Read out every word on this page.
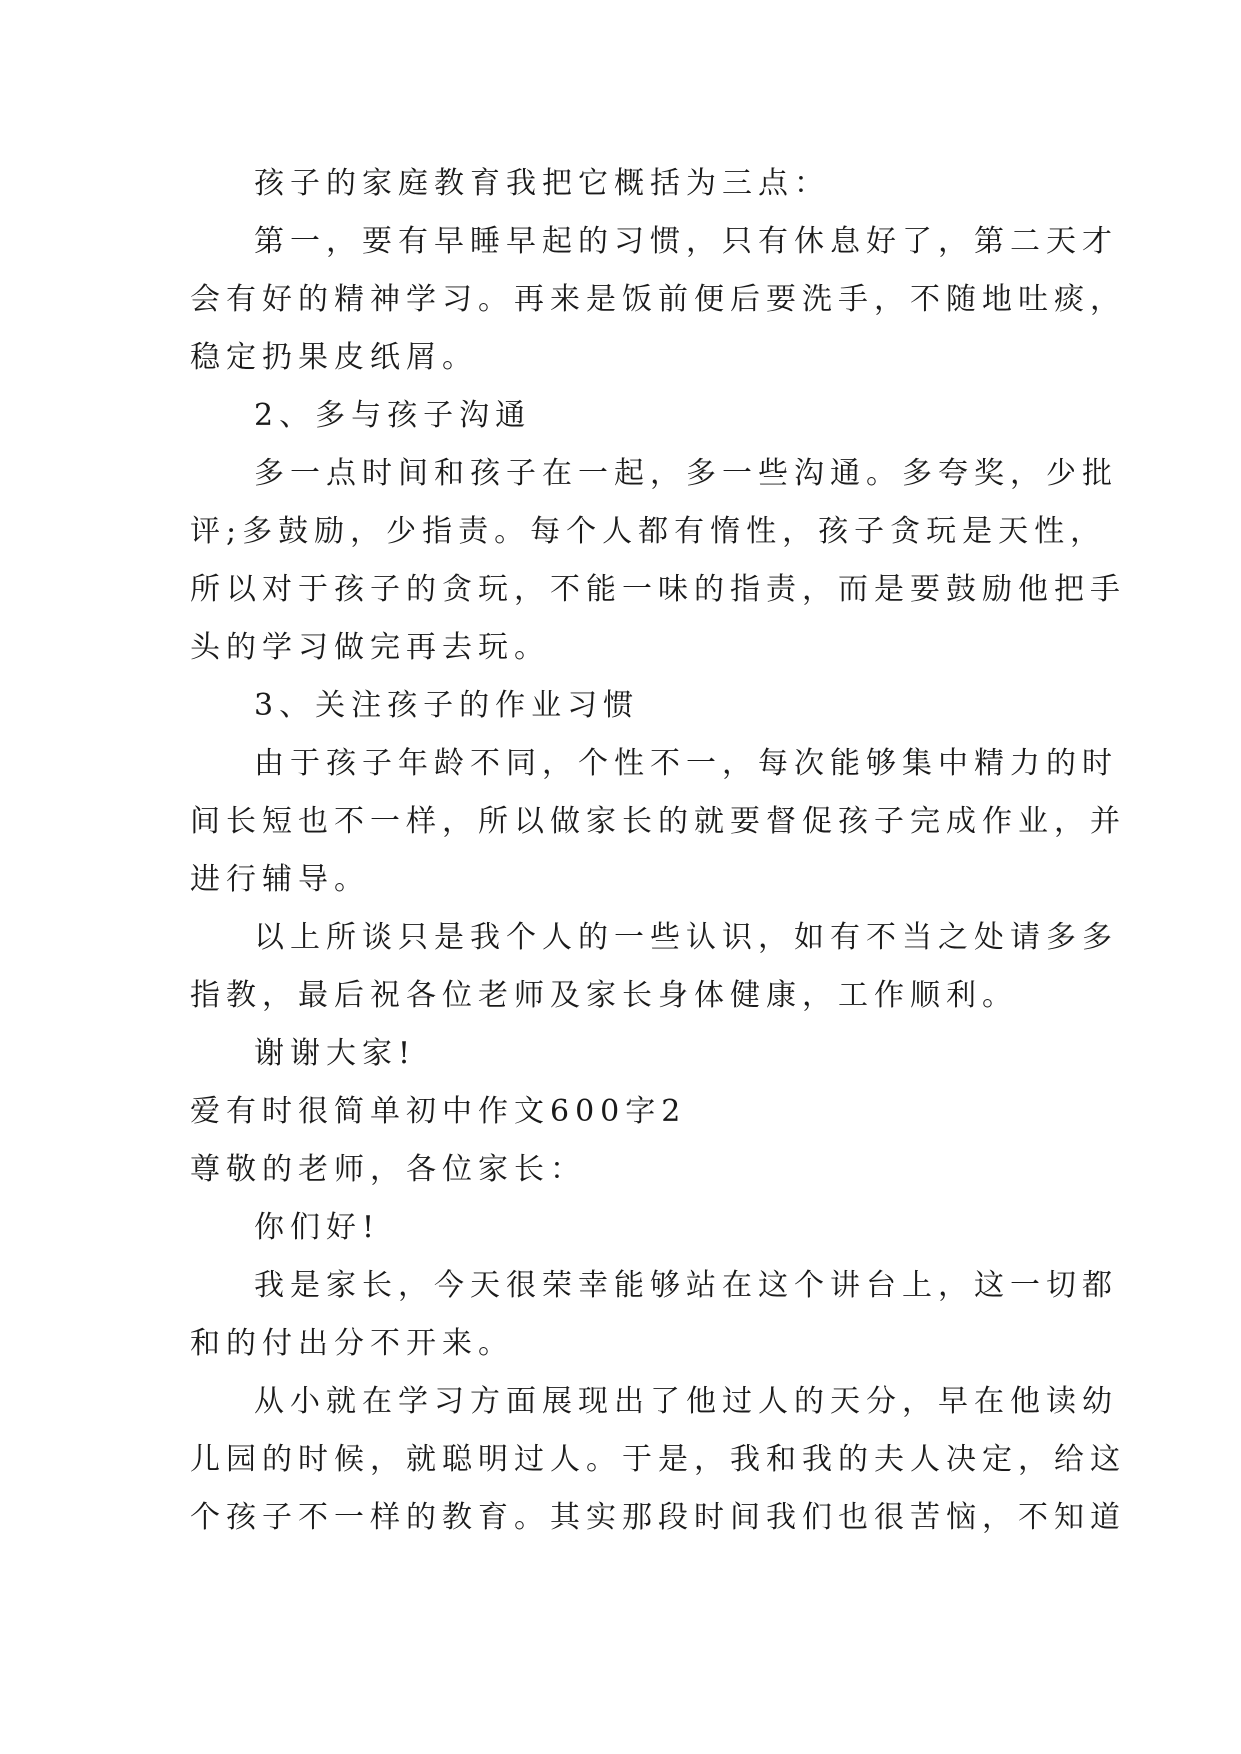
孩子的家庭教育我把它概括为三点：
第一，要有早睡早起的习惯，只有休息好了，第二天才
会有好的精神学习。再来是饭前便后要洗手，不随地吐痰，
稳定扔果皮纸屑。
2、多与孩子沟通
多一点时间和孩子在一起，多一些沟通。多夸奖，少批
评;多鼓励，少指责。每个人都有惰性，孩子贪玩是天性，
所以对于孩子的贪玩，不能一味的指责，而是要鼓励他把手
头的学习做完再去玩。
3、关注孩子的作业习惯
由于孩子年龄不同，个性不一，每次能够集中精力的时
间长短也不一样，所以做家长的就要督促孩子完成作业，并
进行辅导。
以上所谈只是我个人的一些认识，如有不当之处请多多
指教，最后祝各位老师及家长身体健康，工作顺利。
谢谢大家!
爱有时很简单初中作文600字2
尊敬的老师，各位家长：
你们好!
我是家长，今天很荣幸能够站在这个讲台上，这一切都
和的付出分不开来。
从小就在学习方面展现出了他过人的天分，早在他读幼
儿园的时候，就聪明过人。于是，我和我的夫人决定，给这
个孩子不一样的教育。其实那段时间我们也很苦恼，不知道
